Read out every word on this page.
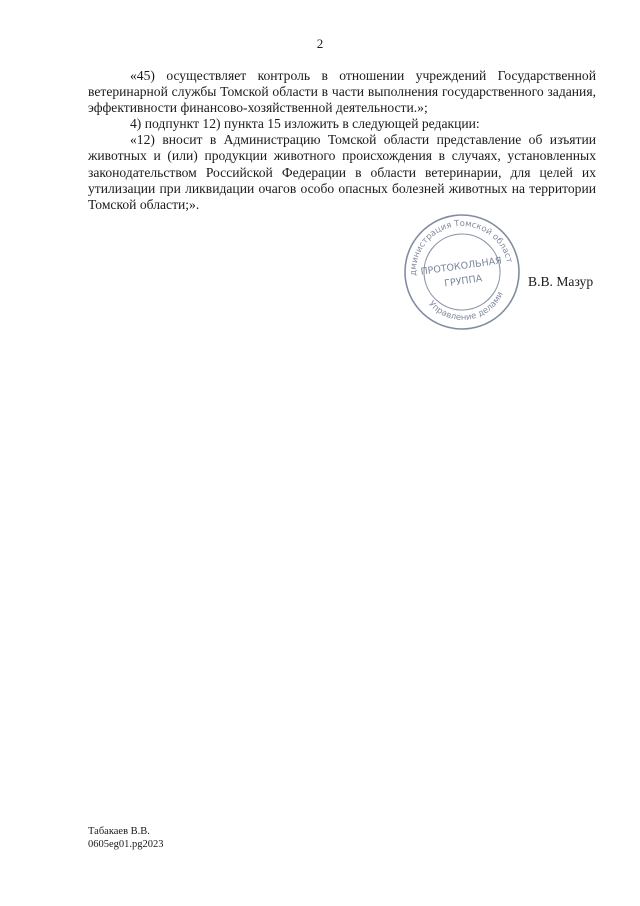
2

«45) осуществляет контроль в отношении учреждений Государственной ветеринарной службы Томской области в части выполнения государственного задания, эффективности финансово-хозяйственной деятельности.»;

4) подпункт 12) пункта 15 изложить в следующей редакции:

«12) вносит в Администрацию Томской области представление об изъятии животных и (или) продукции животного происхождения в случаях, установленных законодательством Российской Федерации в области ветеринарии, для целей их утилизации при ликвидации очагов особо опасных болезней животных на территории Томской области;».

Администрация Томской области
Управление делами
ПРОТОКОЛЬНАЯ
ГРУППА	В.В. Мазур
Табакаев В.В.
0605eg01.pg2023
